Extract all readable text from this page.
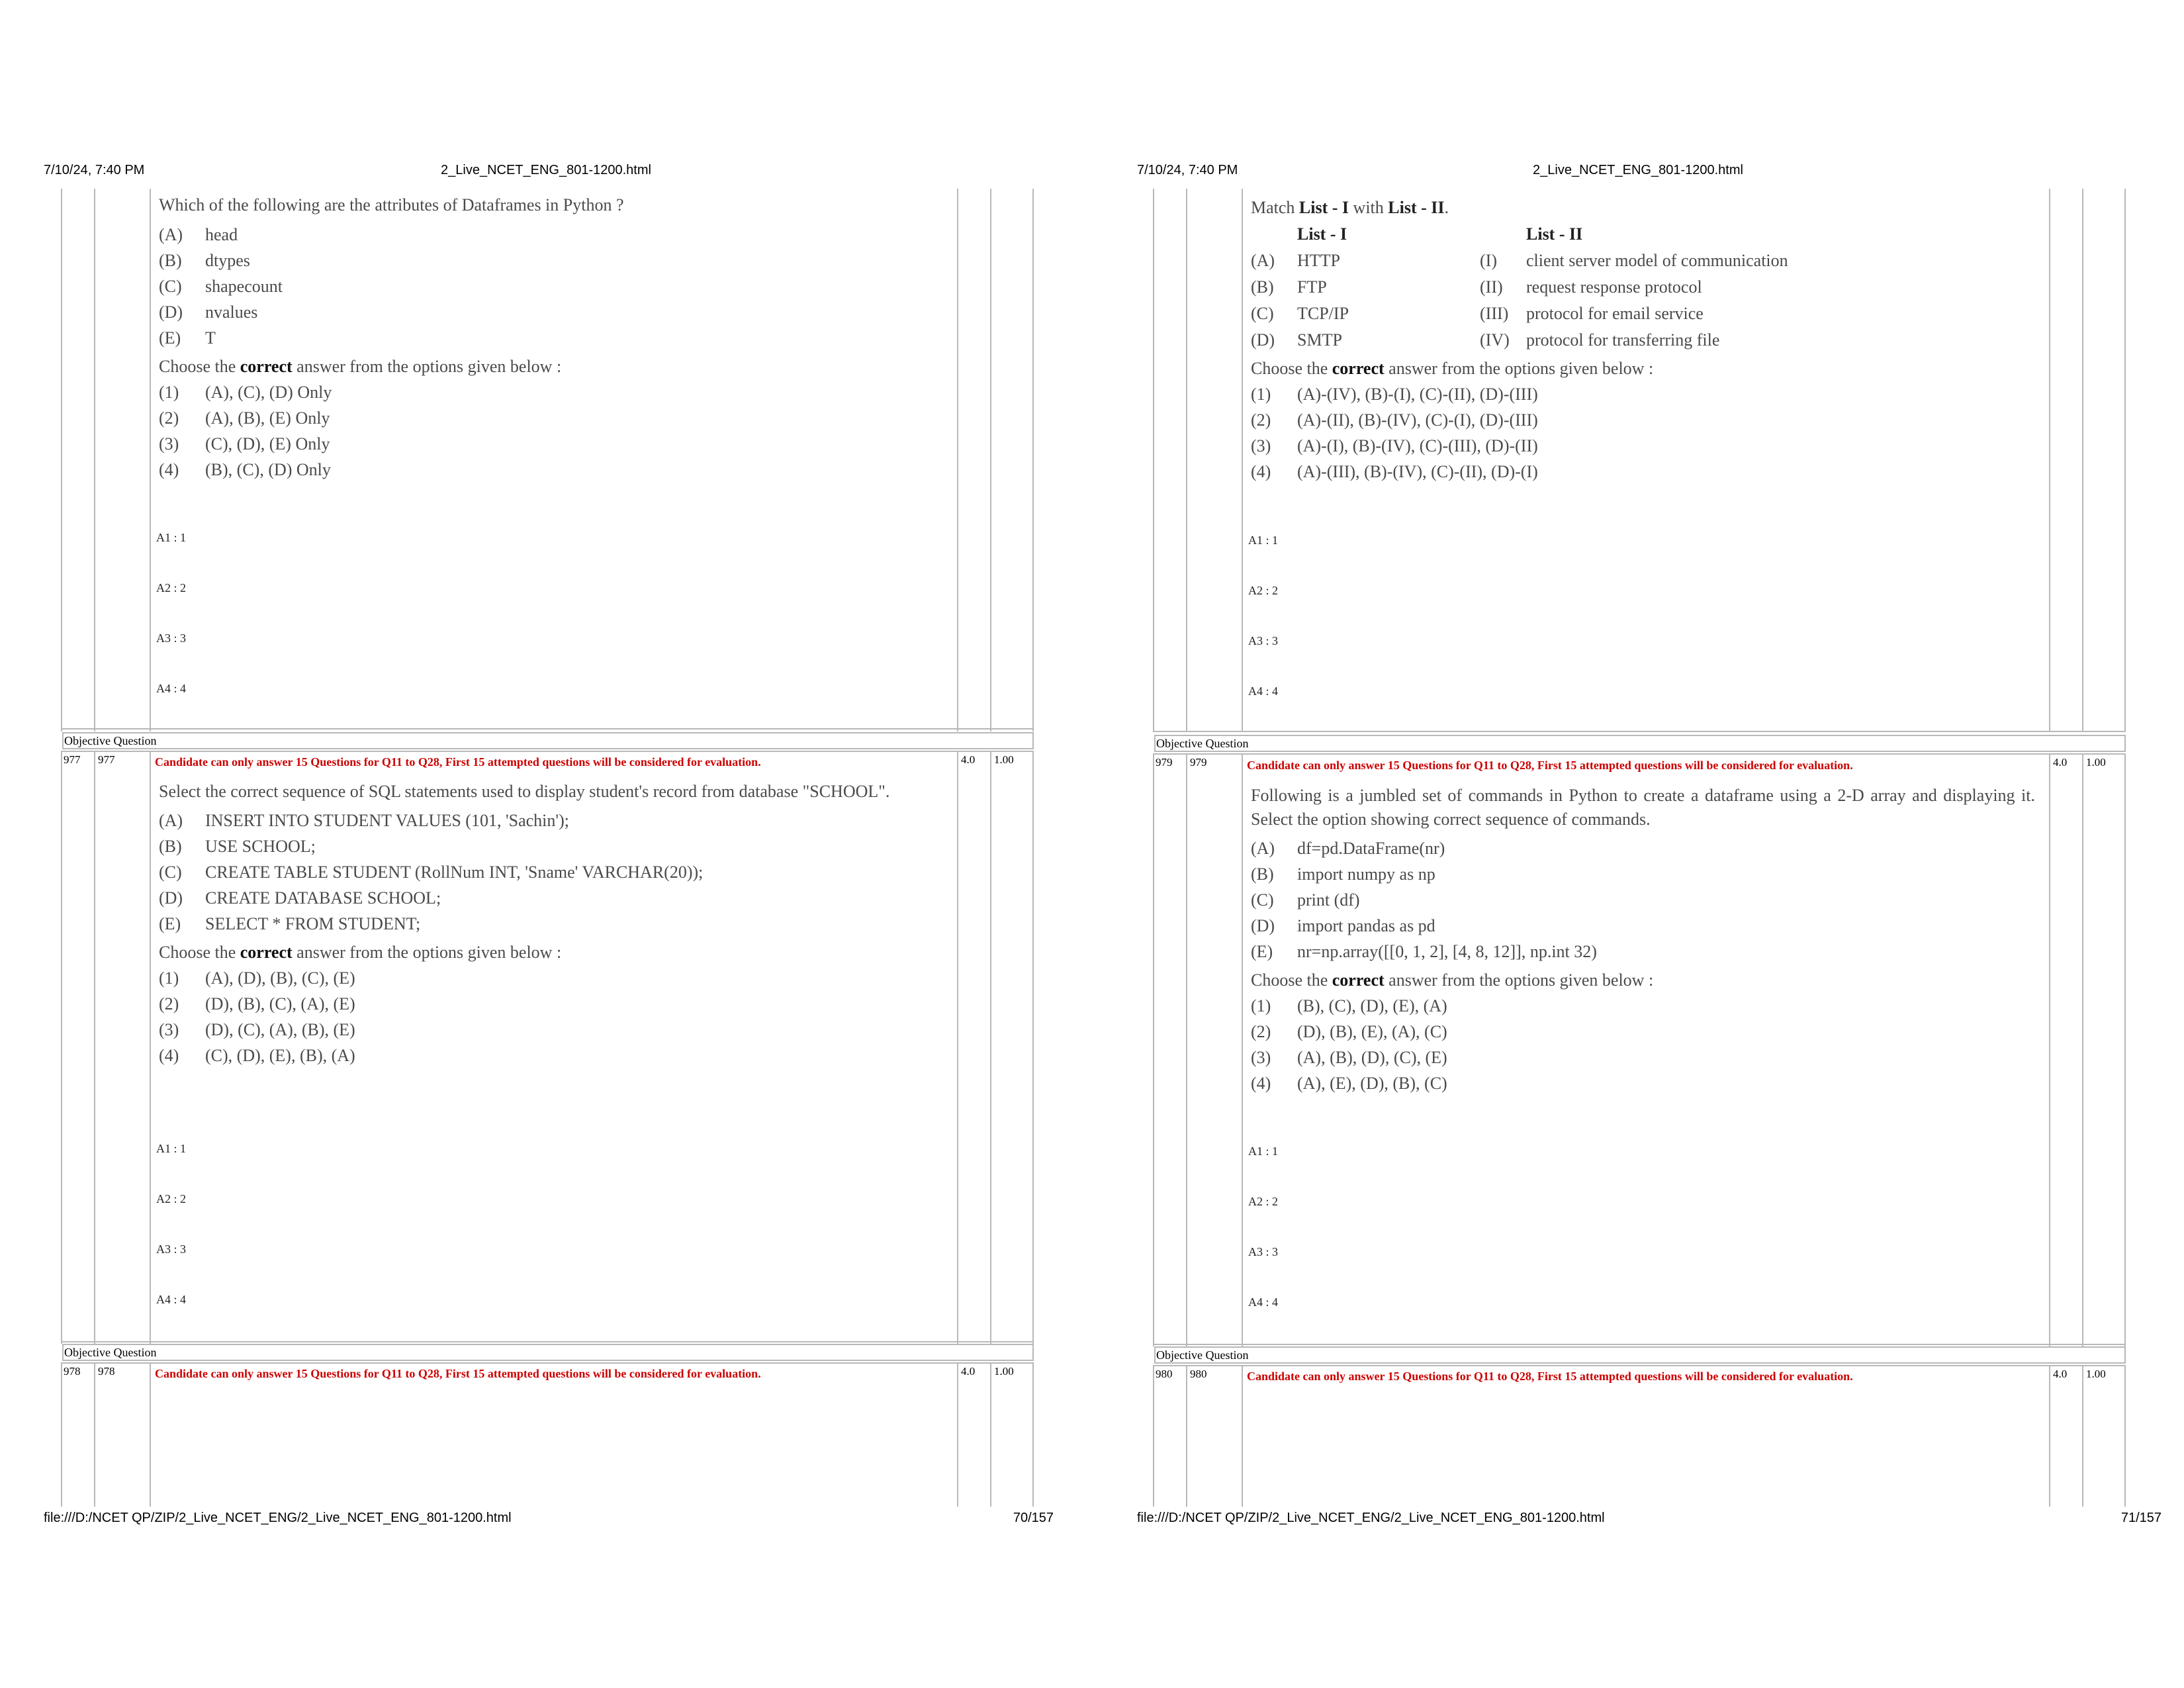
7/10/24, 7:40 PM	2_Live_NCET_ENG_801-1200.html

Which of the following are the attributes of Dataframes in Python ?

(A)	head
(B)	dtypes
(C)	shapecount
(D)	nvalues
(E)	T

Choose the correct answer from the options given below :

(1)	(A), (C), (D) Only
(2)	(A), (B), (E) Only
(3)	(C), (D), (E) Only
(4)	(B), (C), (D) Only
A1 : 1
A2 : 2
A3 : 3
A4 : 4
Objective Question
977 977	Candidate can only answer 15 Questions for Q11 to Q28, First 15 attempted questions will be considered for evaluation.	4.0 1.00

Select the correct sequence of SQL statements used to display student's record from database "SCHOOL".

(A)	INSERT INTO STUDENT VALUES (101, 'Sachin');
(B)	USE SCHOOL;
(C)	CREATE TABLE STUDENT (RollNum INT, 'Sname' VARCHAR(20));
(D)	CREATE DATABASE SCHOOL;
(E)	SELECT * FROM STUDENT;

Choose the correct answer from the options given below :

(1)	(A), (D), (B), (C), (E)
(2)	(D), (B), (C), (A), (E)
(3)	(D), (C), (A), (B), (E)
(4)	(C), (D), (E), (B), (A)
A1 : 1
A2 : 2
A3 : 3
A4 : 4
Objective Question
978 978	Candidate can only answer 15 Questions for Q11 to Q28, First 15 attempted questions will be considered for evaluation.	4.0 1.00
file:///D:/NCET QP/ZIP/2_Live_NCET_ENG/2_Live_NCET_ENG_801-1200.html	70/157
7/10/24, 7:40 PM	2_Live_NCET_ENG_801-1200.html

Match List - I with List - II.

	List - I		List - II
(A)	HTTP	(I)	client server model of communication
(B)	FTP	(II)	request response protocol
(C)	TCP/IP	(III)	protocol for email service
(D)	SMTP	(IV)	protocol for transferring file

Choose the correct answer from the options given below :

(1)	(A)-(IV), (B)-(I), (C)-(II), (D)-(III)
(2)	(A)-(II), (B)-(IV), (C)-(I), (D)-(III)
(3)	(A)-(I), (B)-(IV), (C)-(III), (D)-(II)
(4)	(A)-(III), (B)-(IV), (C)-(II), (D)-(I)
A1 : 1
A2 : 2
A3 : 3
A4 : 4
Objective Question
979 979	Candidate can only answer 15 Questions for Q11 to Q28, First 15 attempted questions will be considered for evaluation.	4.0 1.00

Following is a jumbled set of commands in Python to create a dataframe using a 2-D array and displaying it. Select the option showing correct sequence of commands.

(A)	df=pd.DataFrame(nr)
(B)	import numpy as np
(C)	print (df)
(D)	import pandas as pd
(E)	nr=np.array([[0, 1, 2], [4, 8, 12]], np.int 32)

Choose the correct answer from the options given below :

(1)	(B), (C), (D), (E), (A)
(2)	(D), (B), (E), (A), (C)
(3)	(A), (B), (D), (C), (E)
(4)	(A), (E), (D), (B), (C)
A1 : 1
A2 : 2
A3 : 3
A4 : 4
Objective Question
980 980	Candidate can only answer 15 Questions for Q11 to Q28, First 15 attempted questions will be considered for evaluation.	4.0 1.00
file:///D:/NCET QP/ZIP/2_Live_NCET_ENG/2_Live_NCET_ENG_801-1200.html	71/157
